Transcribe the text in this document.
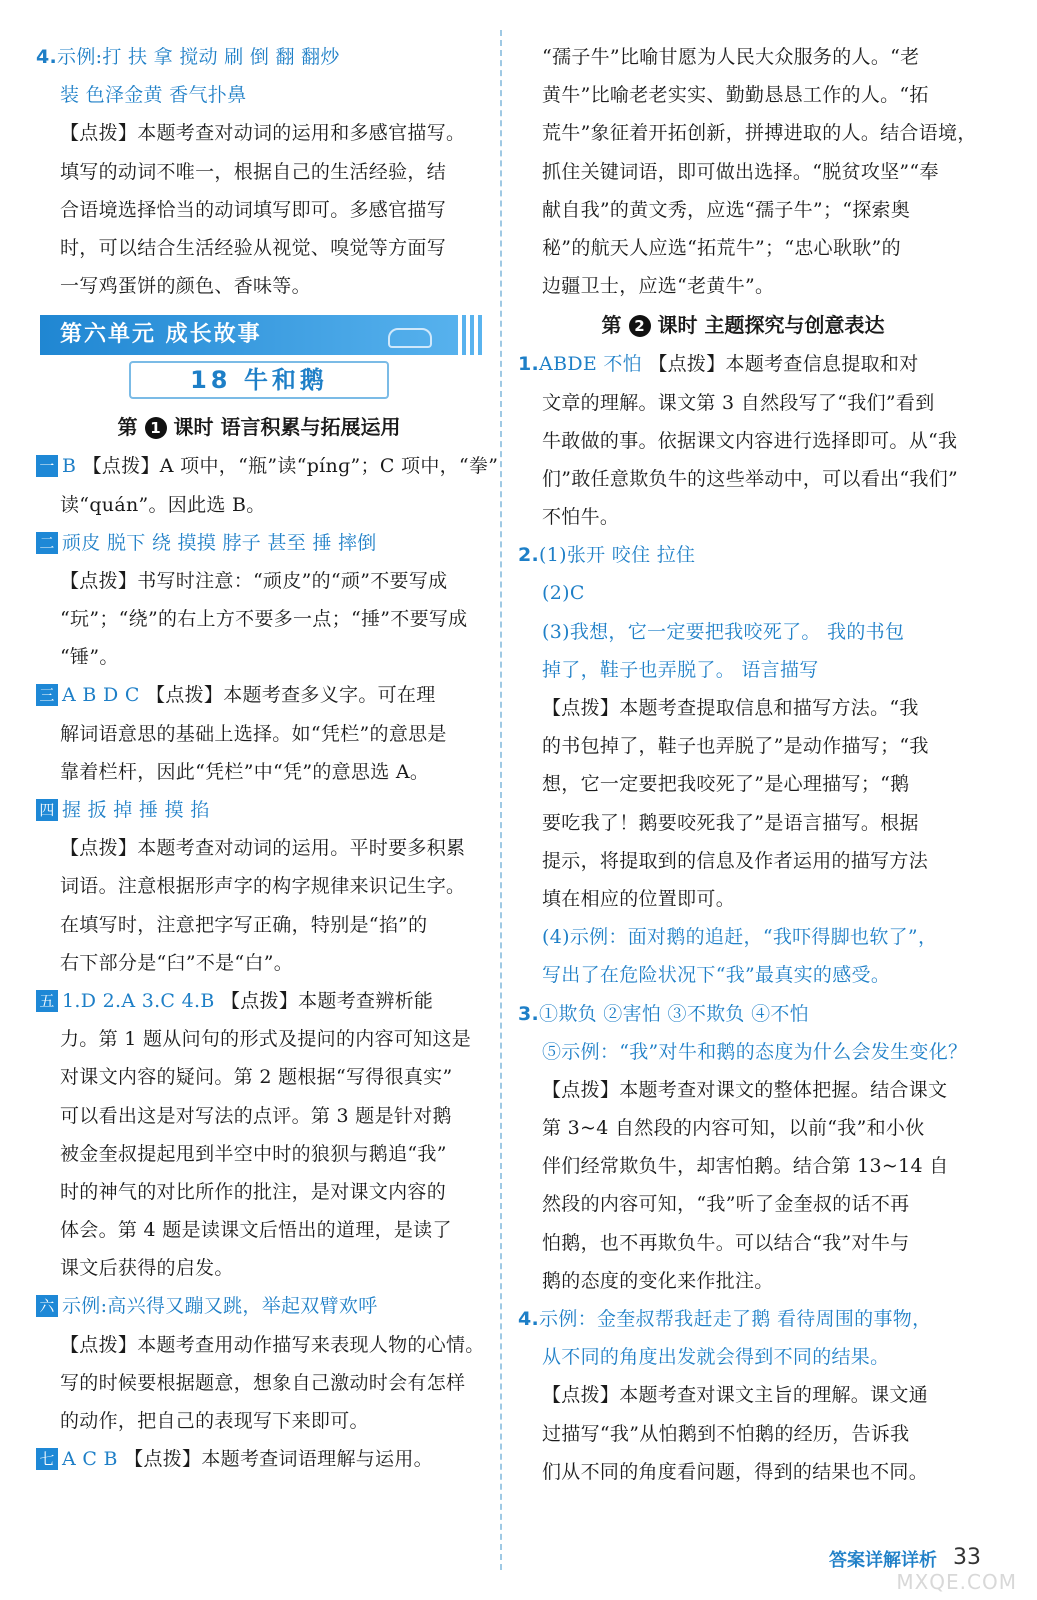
4.示例:打 扶 拿 搅动 刷 倒 翻 翻炒
装 色泽金黄 香气扑鼻
【点拨】本题考查对动词的运用和多感官描写。
填写的动词不唯一，根据自己的生活经验，结
合语境选择恰当的动词填写即可。多感官描写
时，可以结合生活经验从视觉、嗅觉等方面写
一写鸡蛋饼的颜色、香味等。
第六单元 成长故事
18 牛和鹅
第 1 课时 语言积累与拓展运用
一 B 【点拨】A 项中，“瓶”读“pínɡ”；C 项中，“拳”
读“quán”。因此选 B。
二 顽皮 脱下 绕 摸摸 脖子 甚至 捶 摔倒
【点拨】书写时注意：“顽皮”的“顽”不要写成
“玩”；“绕”的右上方不要多一点；“捶”不要写成
“锤”。
三 A B D C 【点拨】本题考查多义字。可在理
解词语意思的基础上选择。如“凭栏”的意思是
靠着栏杆，因此“凭栏”中“凭”的意思选 A。
四 握 扳 掉 捶 摸 掐
【点拨】本题考查对动词的运用。平时要多积累
词语。注意根据形声字的构字规律来识记生字。
在填写时，注意把字写正确，特别是“掐”的
右下部分是“臼”不是“白”。
五 1.D 2.A 3.C 4.B 【点拨】本题考查辨析能
力。第 1 题从问句的形式及提问的内容可知这是
对课文内容的疑问。第 2 题根据“写得很真实”
可以看出这是对写法的点评。第 3 题是针对鹅
被金奎叔提起甩到半空中时的狼狈与鹅追“我”
时的神气的对比所作的批注，是对课文内容的
体会。第 4 题是读课文后悟出的道理，是读了
课文后获得的启发。
六 示例:高兴得又蹦又跳，举起双臂欢呼
【点拨】本题考查用动作描写来表现人物的心情。
写的时候要根据题意，想象自己激动时会有怎样
的动作，把自己的表现写下来即可。
七 A C B 【点拨】本题考查词语理解与运用。
“孺子牛”比喻甘愿为人民大众服务的人。“老
黄牛”比喻老老实实、勤勤恳恳工作的人。“拓
荒牛”象征着开拓创新，拼搏进取的人。结合语境，
抓住关键词语，即可做出选择。“脱贫攻坚”“奉
献自我”的黄文秀，应选“孺子牛”；“探索奥
秘”的航天人应选“拓荒牛”；“忠心耿耿”的
边疆卫士，应选“老黄牛”。
第 2 课时 主题探究与创意表达
1.ABDE 不怕 【点拨】本题考查信息提取和对
文章的理解。课文第 3 自然段写了“我们”看到
牛敢做的事。依据课文内容进行选择即可。从“我
们”敢任意欺负牛的这些举动中，可以看出“我们”
不怕牛。
2.(1)张开 咬住 拉住
(2)C
(3)我想，它一定要把我咬死了。 我的书包
掉了，鞋子也弄脱了。 语言描写
【点拨】本题考查提取信息和描写方法。“我
的书包掉了，鞋子也弄脱了”是动作描写；“我
想，它一定要把我咬死了”是心理描写；“鹅
要吃我了！鹅要咬死我了”是语言描写。根据
提示，将提取到的信息及作者运用的描写方法
填在相应的位置即可。
(4)示例：面对鹅的追赶，“我吓得脚也软了”，
写出了在危险状况下“我”最真实的感受。
3.①欺负 ②害怕 ③不欺负 ④不怕
⑤示例：“我”对牛和鹅的态度为什么会发生变化？
【点拨】本题考查对课文的整体把握。结合课文
第 3~4 自然段的内容可知，以前“我”和小伙
伴们经常欺负牛，却害怕鹅。结合第 13~14 自
然段的内容可知，“我”听了金奎叔的话不再
怕鹅，也不再欺负牛。可以结合“我”对牛与
鹅的态度的变化来作批注。
4.示例：金奎叔帮我赶走了鹅 看待周围的事物，
从不同的角度出发就会得到不同的结果。
【点拨】本题考查对课文主旨的理解。课文通
过描写“我”从怕鹅到不怕鹅的经历，告诉我
们从不同的角度看问题，得到的结果也不同。
答案详解详析 33
MXQE.COM
